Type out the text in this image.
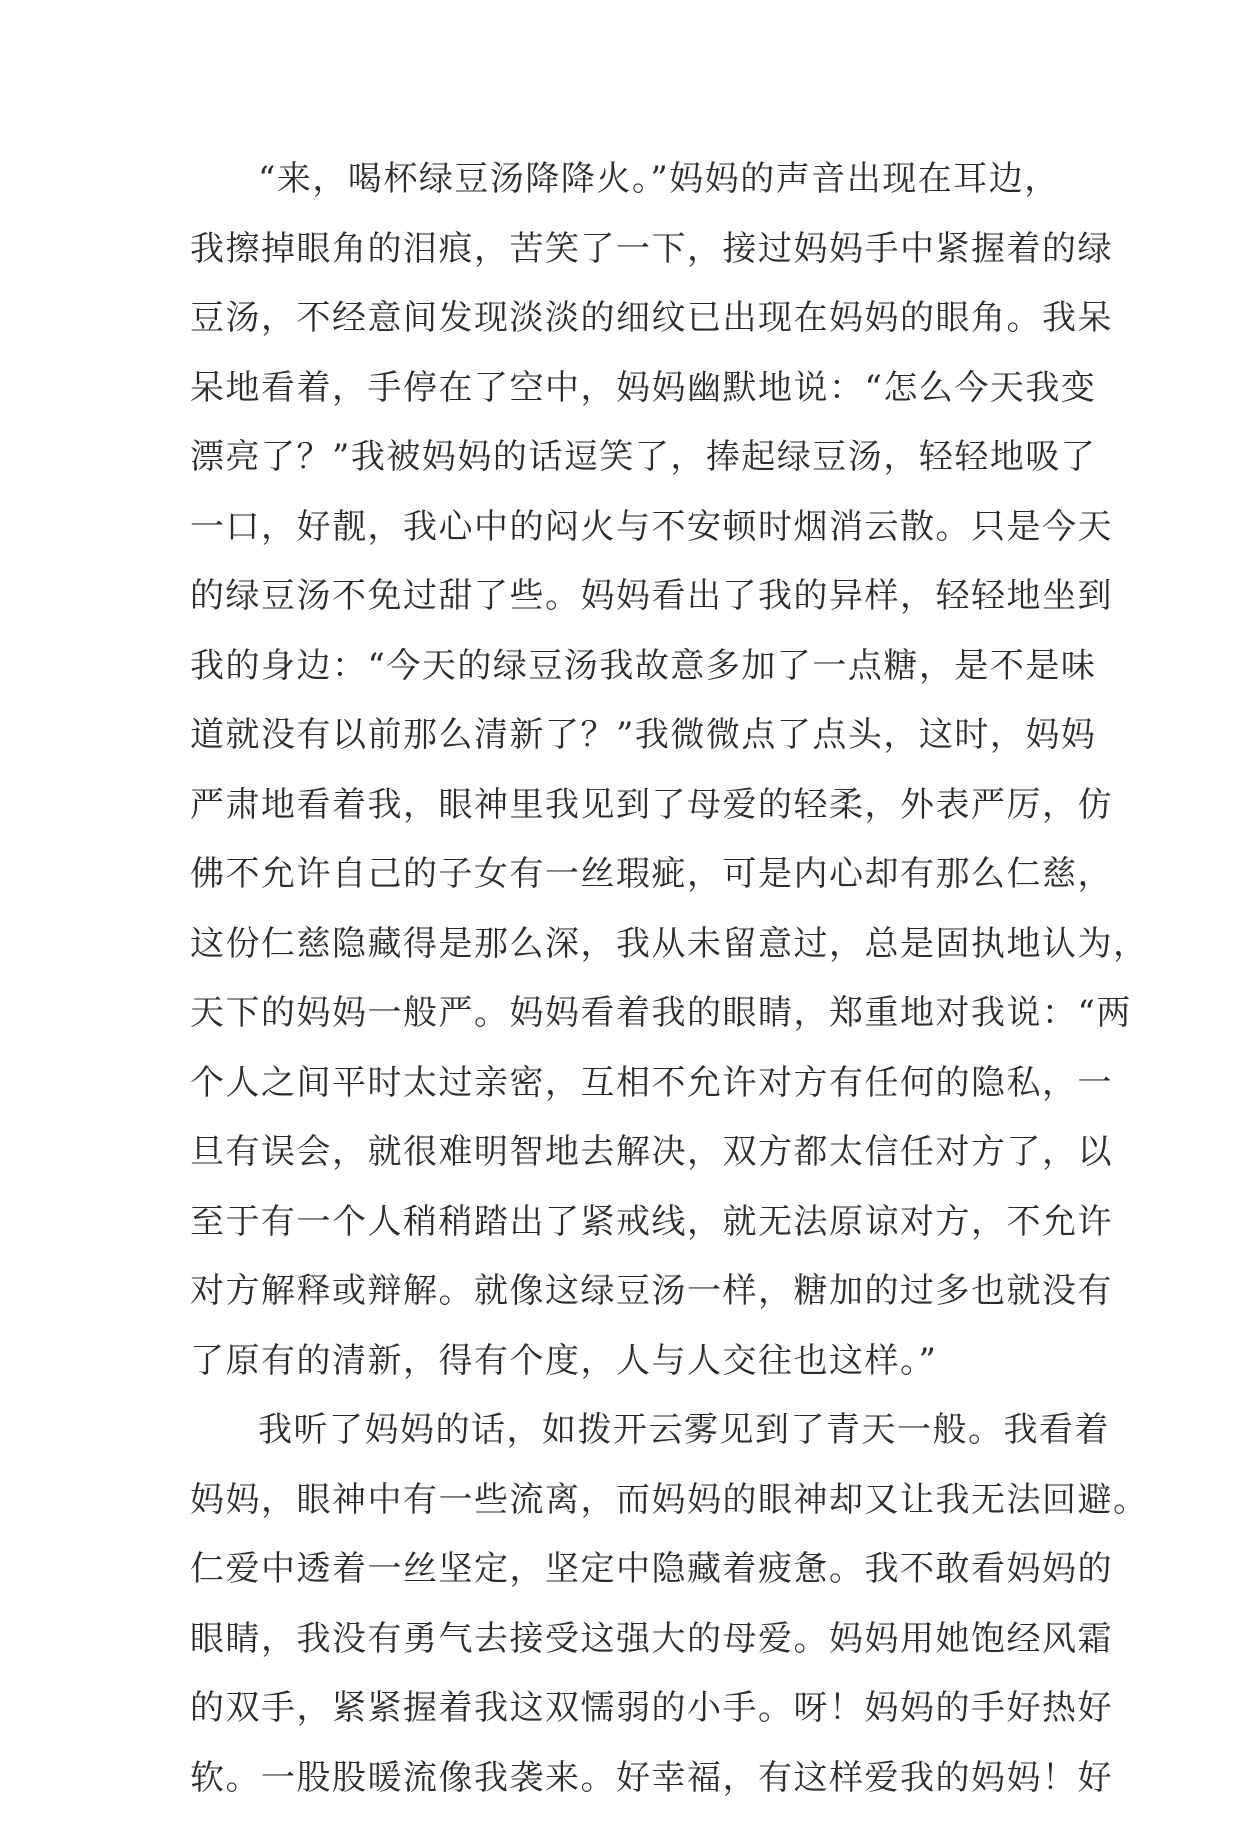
“来，喝杯绿豆汤降降火。”妈妈的声音出现在耳边，
我擦掉眼角的泪痕，苦笑了一下，接过妈妈手中紧握着的绿
豆汤，不经意间发现淡淡的细纹已出现在妈妈的眼角。我呆
呆地看着，手停在了空中，妈妈幽默地说：“怎么今天我变
漂亮了？”我被妈妈的话逗笑了，捧起绿豆汤，轻轻地吸了
一口，好靓，我心中的闷火与不安顿时烟消云散。只是今天
的绿豆汤不免过甜了些。妈妈看出了我的异样，轻轻地坐到
我的身边：“今天的绿豆汤我故意多加了一点糖，是不是味
道就没有以前那么清新了？”我微微点了点头，这时，妈妈
严肃地看着我，眼神里我见到了母爱的轻柔，外表严厉，仿
佛不允许自己的子女有一丝瑕疵，可是内心却有那么仁慈，
这份仁慈隐藏得是那么深，我从未留意过，总是固执地认为，
天下的妈妈一般严。妈妈看着我的眼睛，郑重地对我说：“两
个人之间平时太过亲密，互相不允许对方有任何的隐私，一
旦有误会，就很难明智地去解决，双方都太信任对方了，以
至于有一个人稍稍踏出了紧戒线，就无法原谅对方，不允许
对方解释或辩解。就像这绿豆汤一样，糖加的过多也就没有
了原有的清新，得有个度，人与人交往也这样。”
我听了妈妈的话，如拨开云雾见到了青天一般。我看着
妈妈，眼神中有一些流离，而妈妈的眼神却又让我无法回避。
仁爱中透着一丝坚定，坚定中隐藏着疲惫。我不敢看妈妈的
眼睛，我没有勇气去接受这强大的母爱。妈妈用她饱经风霜
的双手，紧紧握着我这双懦弱的小手。呀！妈妈的手好热好
软。一股股暖流像我袭来。好幸福，有这样爱我的妈妈！好
